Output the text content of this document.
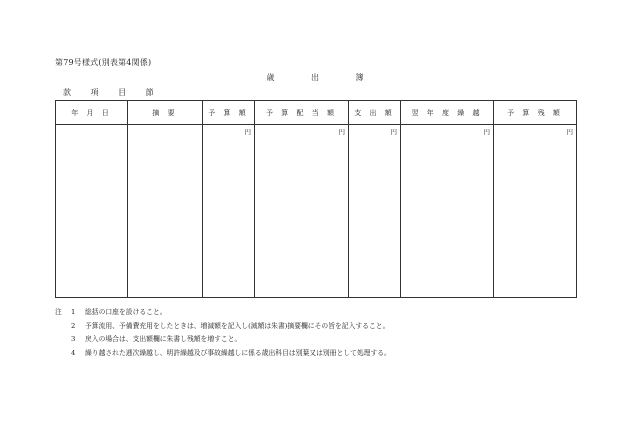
第79号様式(別表第4関係)
歳	出	簿
款 項 目 節
年 月 日	摘 要	予 算 額	予 算 配 当 額	支 出 額	翌 年 度 繰 越	予 算 残 額

		円	円	円	円	円
注 1 総括の口座を設けること。
2 予算流用、予備費充用をしたときは、増減額を記入し(減額は朱書)摘要欄にその旨を記入すること。
3 戻入の場合は、支出額欄に朱書し残額を増すこと。
4 繰り越された逓次繰越し、明許繰越及び事故繰越しに係る歳出科目は別葉又は別冊として処理する。
